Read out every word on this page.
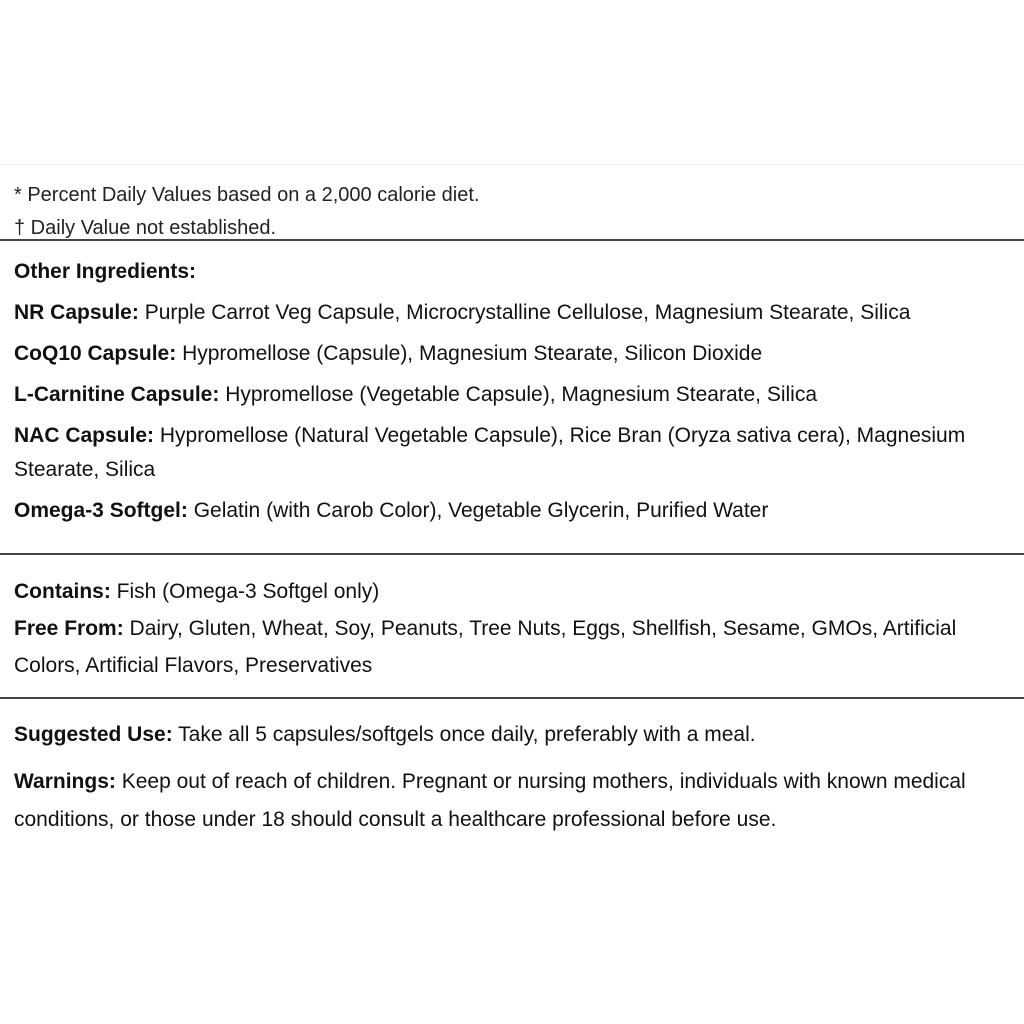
* Percent Daily Values based on a 2,000 calorie diet.
† Daily Value not established.
Other Ingredients:
NR Capsule: Purple Carrot Veg Capsule, Microcrystalline Cellulose, Magnesium Stearate, Silica
CoQ10 Capsule: Hypromellose (Capsule), Magnesium Stearate, Silicon Dioxide
L-Carnitine Capsule: Hypromellose (Vegetable Capsule), Magnesium Stearate, Silica
NAC Capsule: Hypromellose (Natural Vegetable Capsule), Rice Bran (Oryza sativa cera), Magnesium Stearate, Silica
Omega-3 Softgel: Gelatin (with Carob Color), Vegetable Glycerin, Purified Water
Contains: Fish (Omega-3 Softgel only)
Free From: Dairy, Gluten, Wheat, Soy, Peanuts, Tree Nuts, Eggs, Shellfish, Sesame, GMOs, Artificial Colors, Artificial Flavors, Preservatives
Suggested Use: Take all 5 capsules/softgels once daily, preferably with a meal.
Warnings: Keep out of reach of children. Pregnant or nursing mothers, individuals with known medical conditions, or those under 18 should consult a healthcare professional before use.
